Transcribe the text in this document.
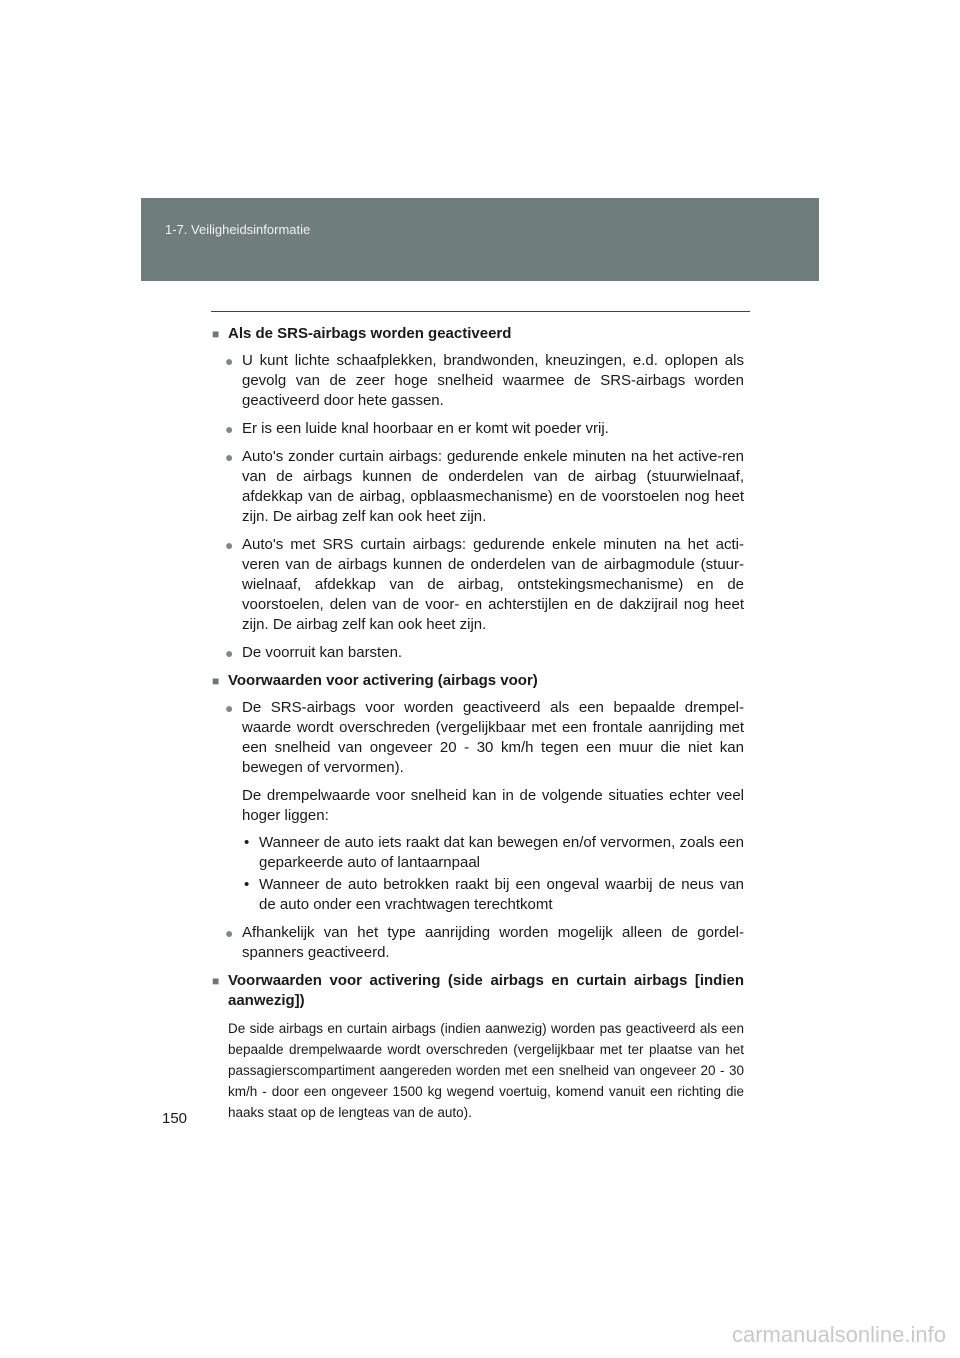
1-7. Veiligheidsinformatie
■ Als de SRS-airbags worden geactiveerd
● U kunt lichte schaafplekken, brandwonden, kneuzingen, e.d. oplopen als gevolg van de zeer hoge snelheid waarmee de SRS-airbags worden geactiveerd door hete gassen.
● Er is een luide knal hoorbaar en er komt wit poeder vrij.
● Auto's zonder curtain airbags: gedurende enkele minuten na het active-ren van de airbags kunnen de onderdelen van de airbag (stuurwielnaaf, afdekkap van de airbag, opblaasmechanisme) en de voorstoelen nog heet zijn. De airbag zelf kan ook heet zijn.
● Auto's met SRS curtain airbags: gedurende enkele minuten na het acti-veren van de airbags kunnen de onderdelen van de airbagmodule (stuur-wielnaaf, afdekkap van de airbag, ontstekingsmechanisme) en de voorstoelen, delen van de voor- en achterstijlen en de dakzijrail nog heet zijn. De airbag zelf kan ook heet zijn.
● De voorruit kan barsten.
■ Voorwaarden voor activering (airbags voor)
● De SRS-airbags voor worden geactiveerd als een bepaalde drempel-waarde wordt overschreden (vergelijkbaar met een frontale aanrijding met een snelheid van ongeveer 20 - 30 km/h tegen een muur die niet kan bewegen of vervormen).
De drempelwaarde voor snelheid kan in de volgende situaties echter veel hoger liggen:
• Wanneer de auto iets raakt dat kan bewegen en/of vervormen, zoals een geparkeerde auto of lantaarnpaal
• Wanneer de auto betrokken raakt bij een ongeval waarbij de neus van de auto onder een vrachtwagen terechtkomt
● Afhankelijk van het type aanrijding worden mogelijk alleen de gordel-spanners geactiveerd.
■ Voorwaarden voor activering (side airbags en curtain airbags [indien aanwezig])
De side airbags en curtain airbags (indien aanwezig) worden pas geactiveerd als een bepaalde drempelwaarde wordt overschreden (vergelijkbaar met ter plaatse van het passagierscompartiment aangereden worden met een snelheid van ongeveer 20 - 30 km/h - door een ongeveer 1500 kg wegend voertuig, komend vanuit een richting die haaks staat op de lengteas van de auto).
150
carmanualsonline.info
